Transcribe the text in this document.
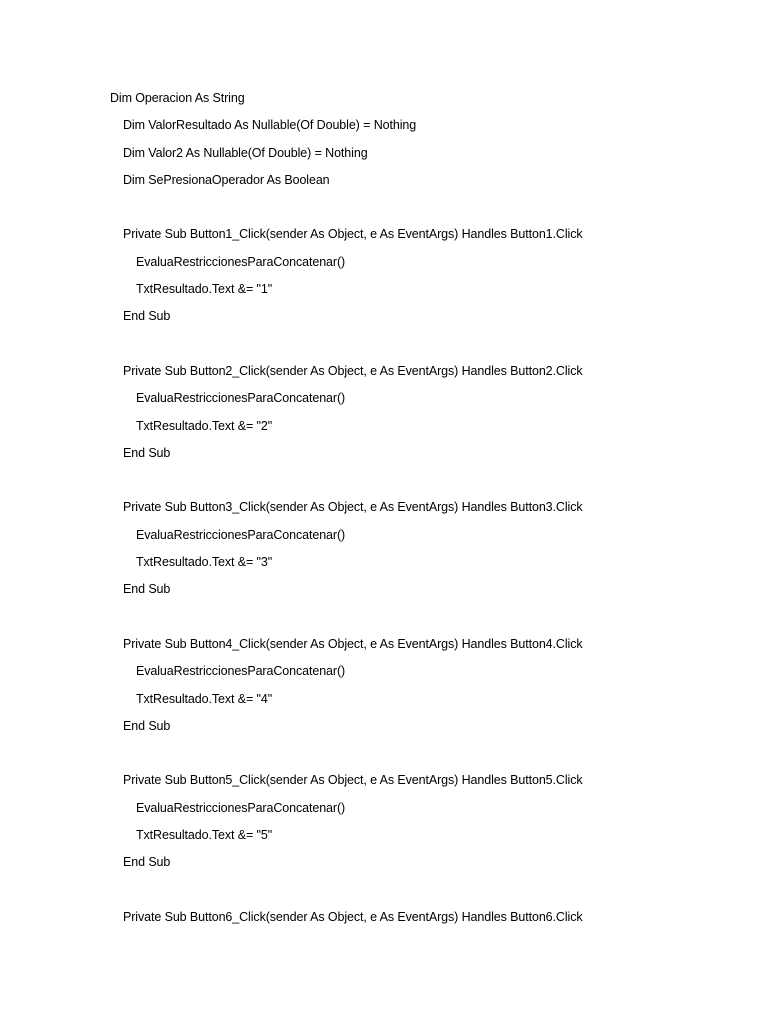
Dim Operacion As String
Dim ValorResultado As Nullable(Of Double) = Nothing
Dim Valor2 As Nullable(Of Double) = Nothing
Dim SePresionaOperador As Boolean
Private Sub Button1_Click(sender As Object, e As EventArgs) Handles Button1.Click
EvaluaRestriccionesParaConcatenar()
TxtResultado.Text &= "1"
End Sub
Private Sub Button2_Click(sender As Object, e As EventArgs) Handles Button2.Click
EvaluaRestriccionesParaConcatenar()
TxtResultado.Text &= "2"
End Sub
Private Sub Button3_Click(sender As Object, e As EventArgs) Handles Button3.Click
EvaluaRestriccionesParaConcatenar()
TxtResultado.Text &= "3"
End Sub
Private Sub Button4_Click(sender As Object, e As EventArgs) Handles Button4.Click
EvaluaRestriccionesParaConcatenar()
TxtResultado.Text &= "4"
End Sub
Private Sub Button5_Click(sender As Object, e As EventArgs) Handles Button5.Click
EvaluaRestriccionesParaConcatenar()
TxtResultado.Text &= "5"
End Sub
Private Sub Button6_Click(sender As Object, e As EventArgs) Handles Button6.Click
